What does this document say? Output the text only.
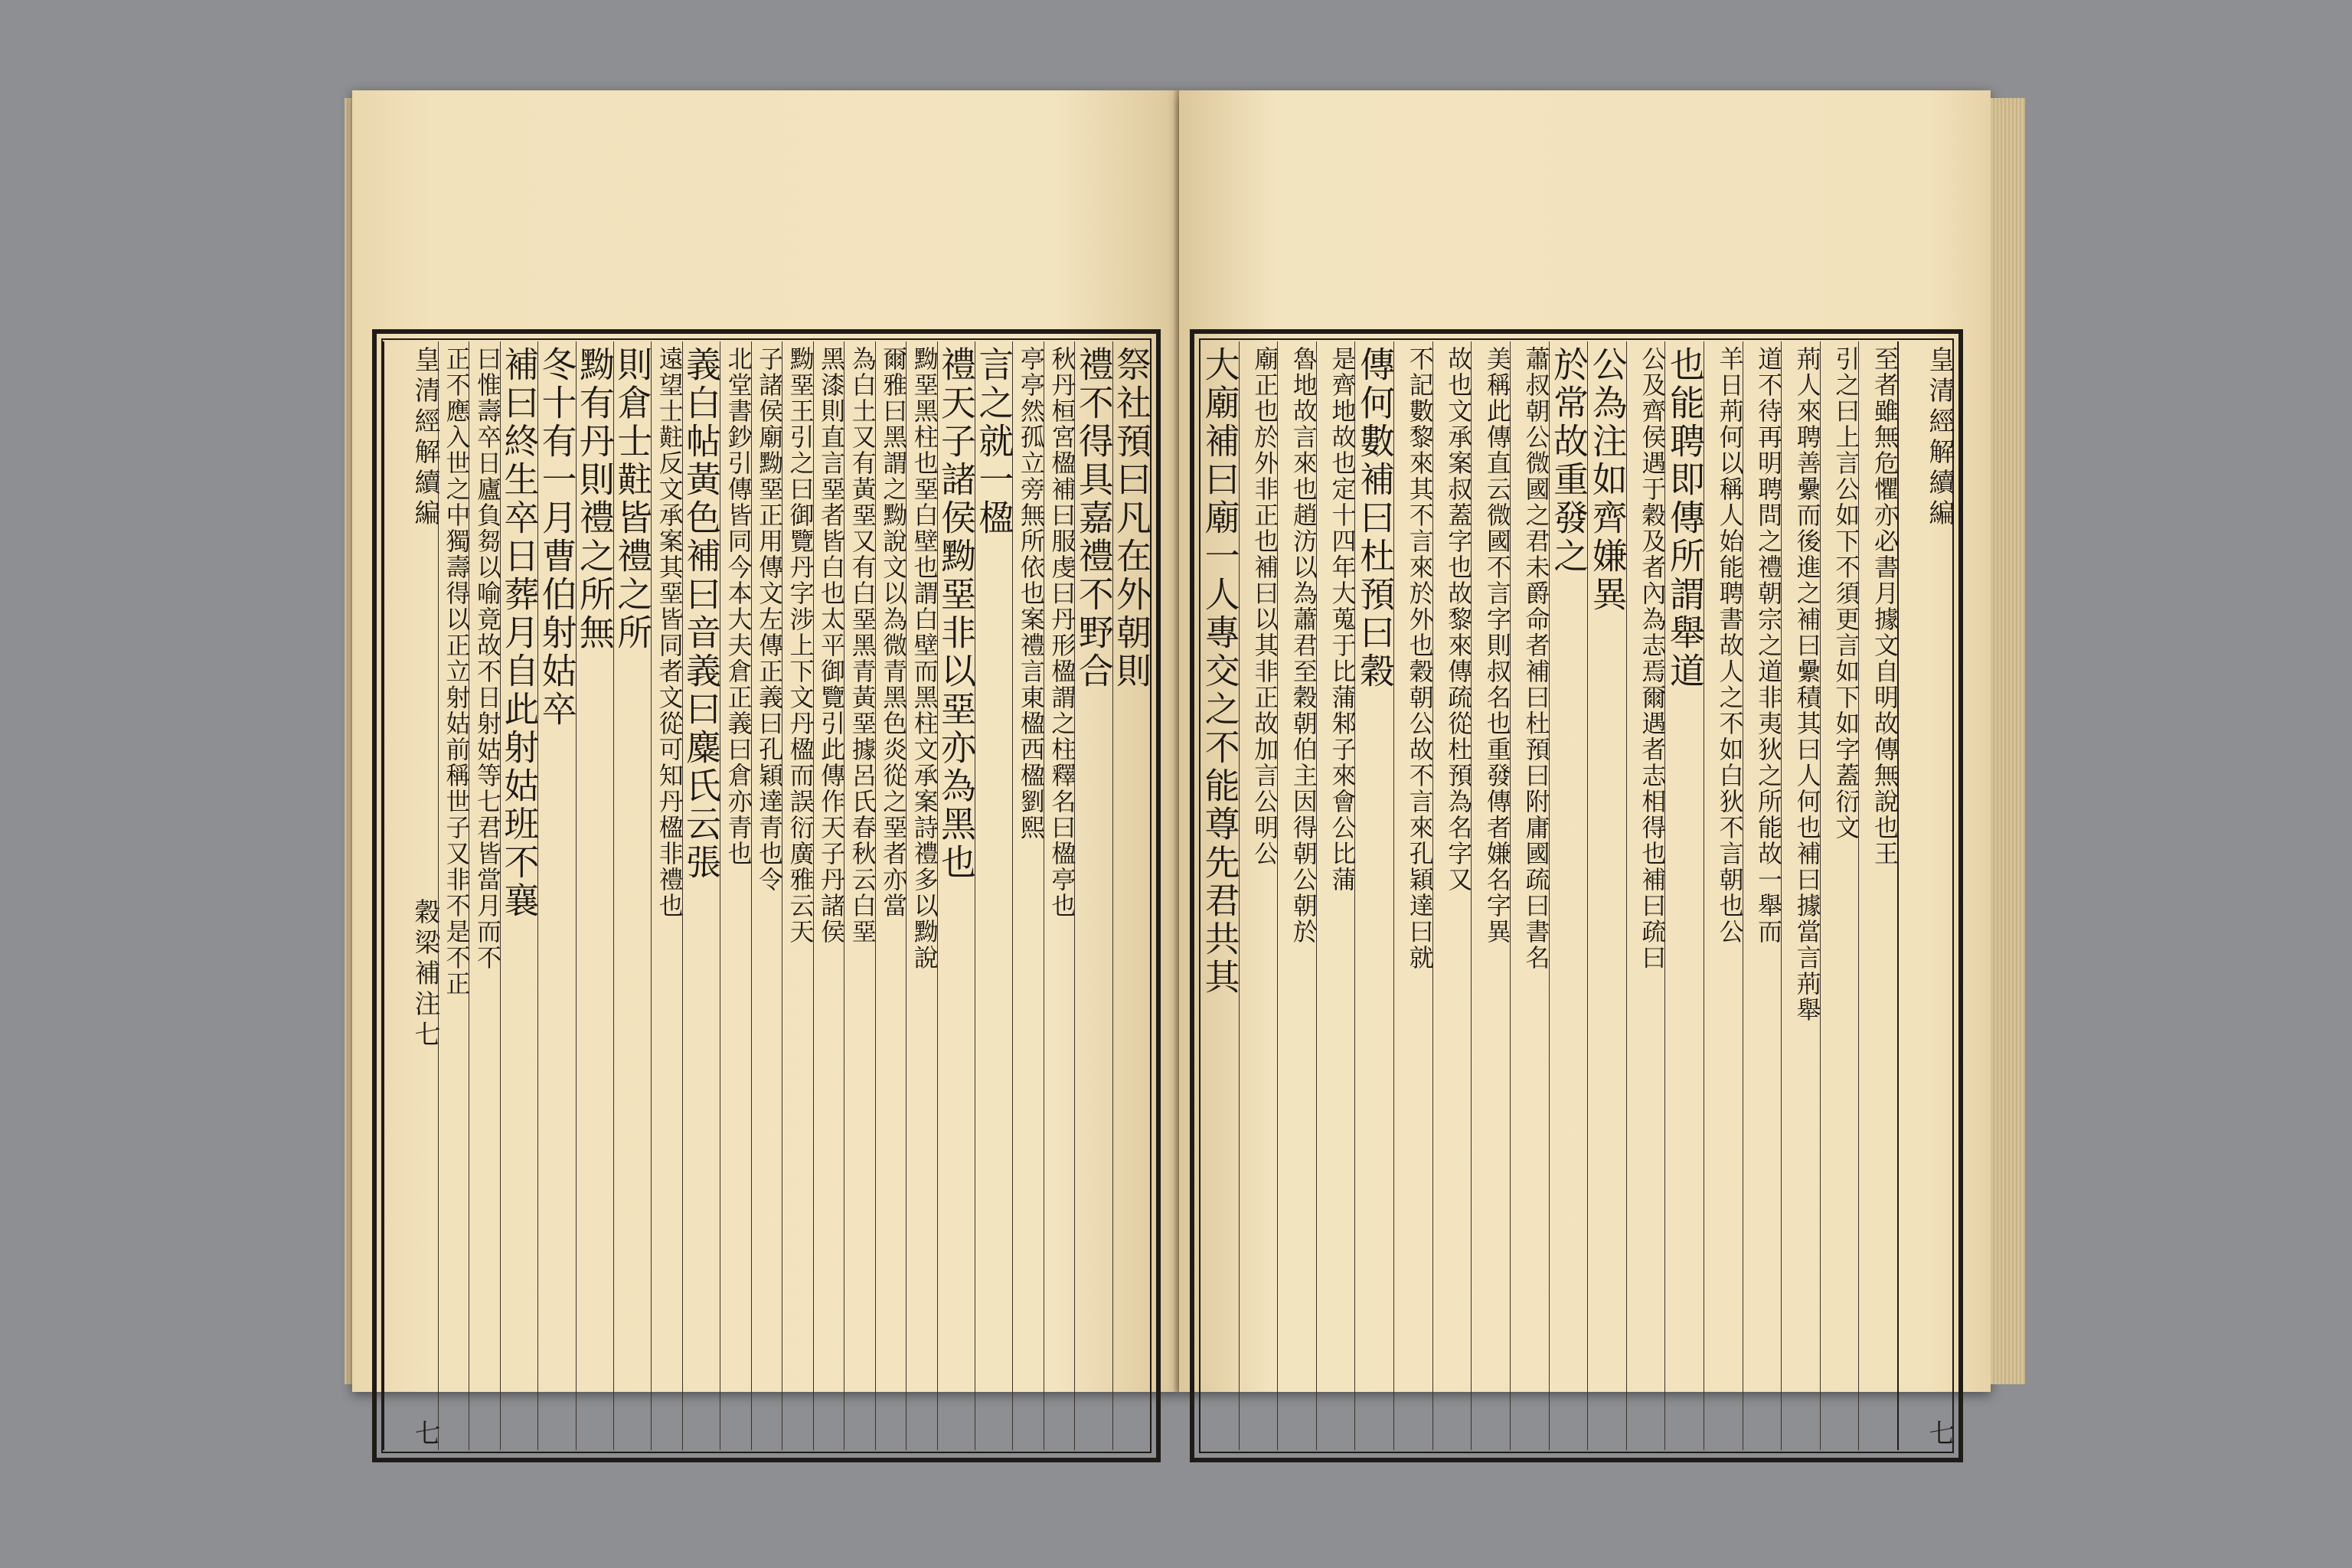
祭社預曰凡在外朝則
禮不得具嘉禮不野合
秋丹桓宮楹補曰服虔曰丹形楹謂之柱釋名曰楹亭也
亭亭然孤立旁無所依也案禮言東楹西楹劉熙
言之就一楹
禮天子諸侯黝堊非以堊亦為黑也
黝堊黑柱也堊白壁也謂白壁而黑柱文承案詩禮多以黝說
爾雅曰黑謂之黝說文以為微青黑色炎從之堊者亦當
為白土又有黃堊又有白堊黑青黃堊據呂氏春秋云白堊
黑漆則直言堊者皆白也太平御覽引此傳作天子丹諸侯
黝堊王引之曰御覽丹字涉上下文丹楹而誤衍廣雅云天
子諸侯廟黝堊正用傳文左傳正義曰孔穎達青也令
北堂書鈔引傳皆同今本大夫倉正義曰倉亦青也
義白帖黃色補曰音義曰麋氏云張
遠望士黈反文承案其堊皆同者文從可知丹楹非禮也
則倉士黈皆禮之所
黝有丹則禮之所無
冬十有一月曹伯射姑卒
補曰終生卒日葬月自此射姑班不襄
曰惟壽卒日廬負芻以喻竟故不日射姑等七君皆當月而不
正不應入世之中獨壽得以正立射姑前稱世子又非不是不正
皇清經解續編
穀梁補注七
七
皇清經解續編
七
至者雖無危懼亦必書月據文自明故傳無說也王
引之曰上言公如下不須更言如下如字蓋衍文
荊人來聘善纍而後進之補曰纍積其曰人何也補曰據當言荊舉
道不待再明聘問之禮朝宗之道非夷狄之所能故一舉而
羊日荊何以稱人始能聘書故人之不如白狄不言朝也公
也能聘即傳所謂舉道
公及齊侯遇于穀及者內為志焉爾遇者志相得也補曰疏曰
公為注如齊嫌異
於常故重發之
蕭叔朝公微國之君未爵命者補曰杜預曰附庸國疏曰書名
美稱此傳直云微國不言字則叔名也重發傳者嫌名字異
故也文承案叔蓋字也故黎來傳疏從杜預為名字又
不記數黎來其不言來於外也穀朝公故不言來孔穎達曰就
傳何數補曰杜預曰穀
是齊地故也定十四年大蒐于比蒲邾子來會公比蒲
魯地故言來也趙汸以為蕭君至穀朝伯主因得朝公朝於
廟正也於外非正也補曰以其非正故加言公明公
大廟補曰廟一人專交之不能尊先君共其
